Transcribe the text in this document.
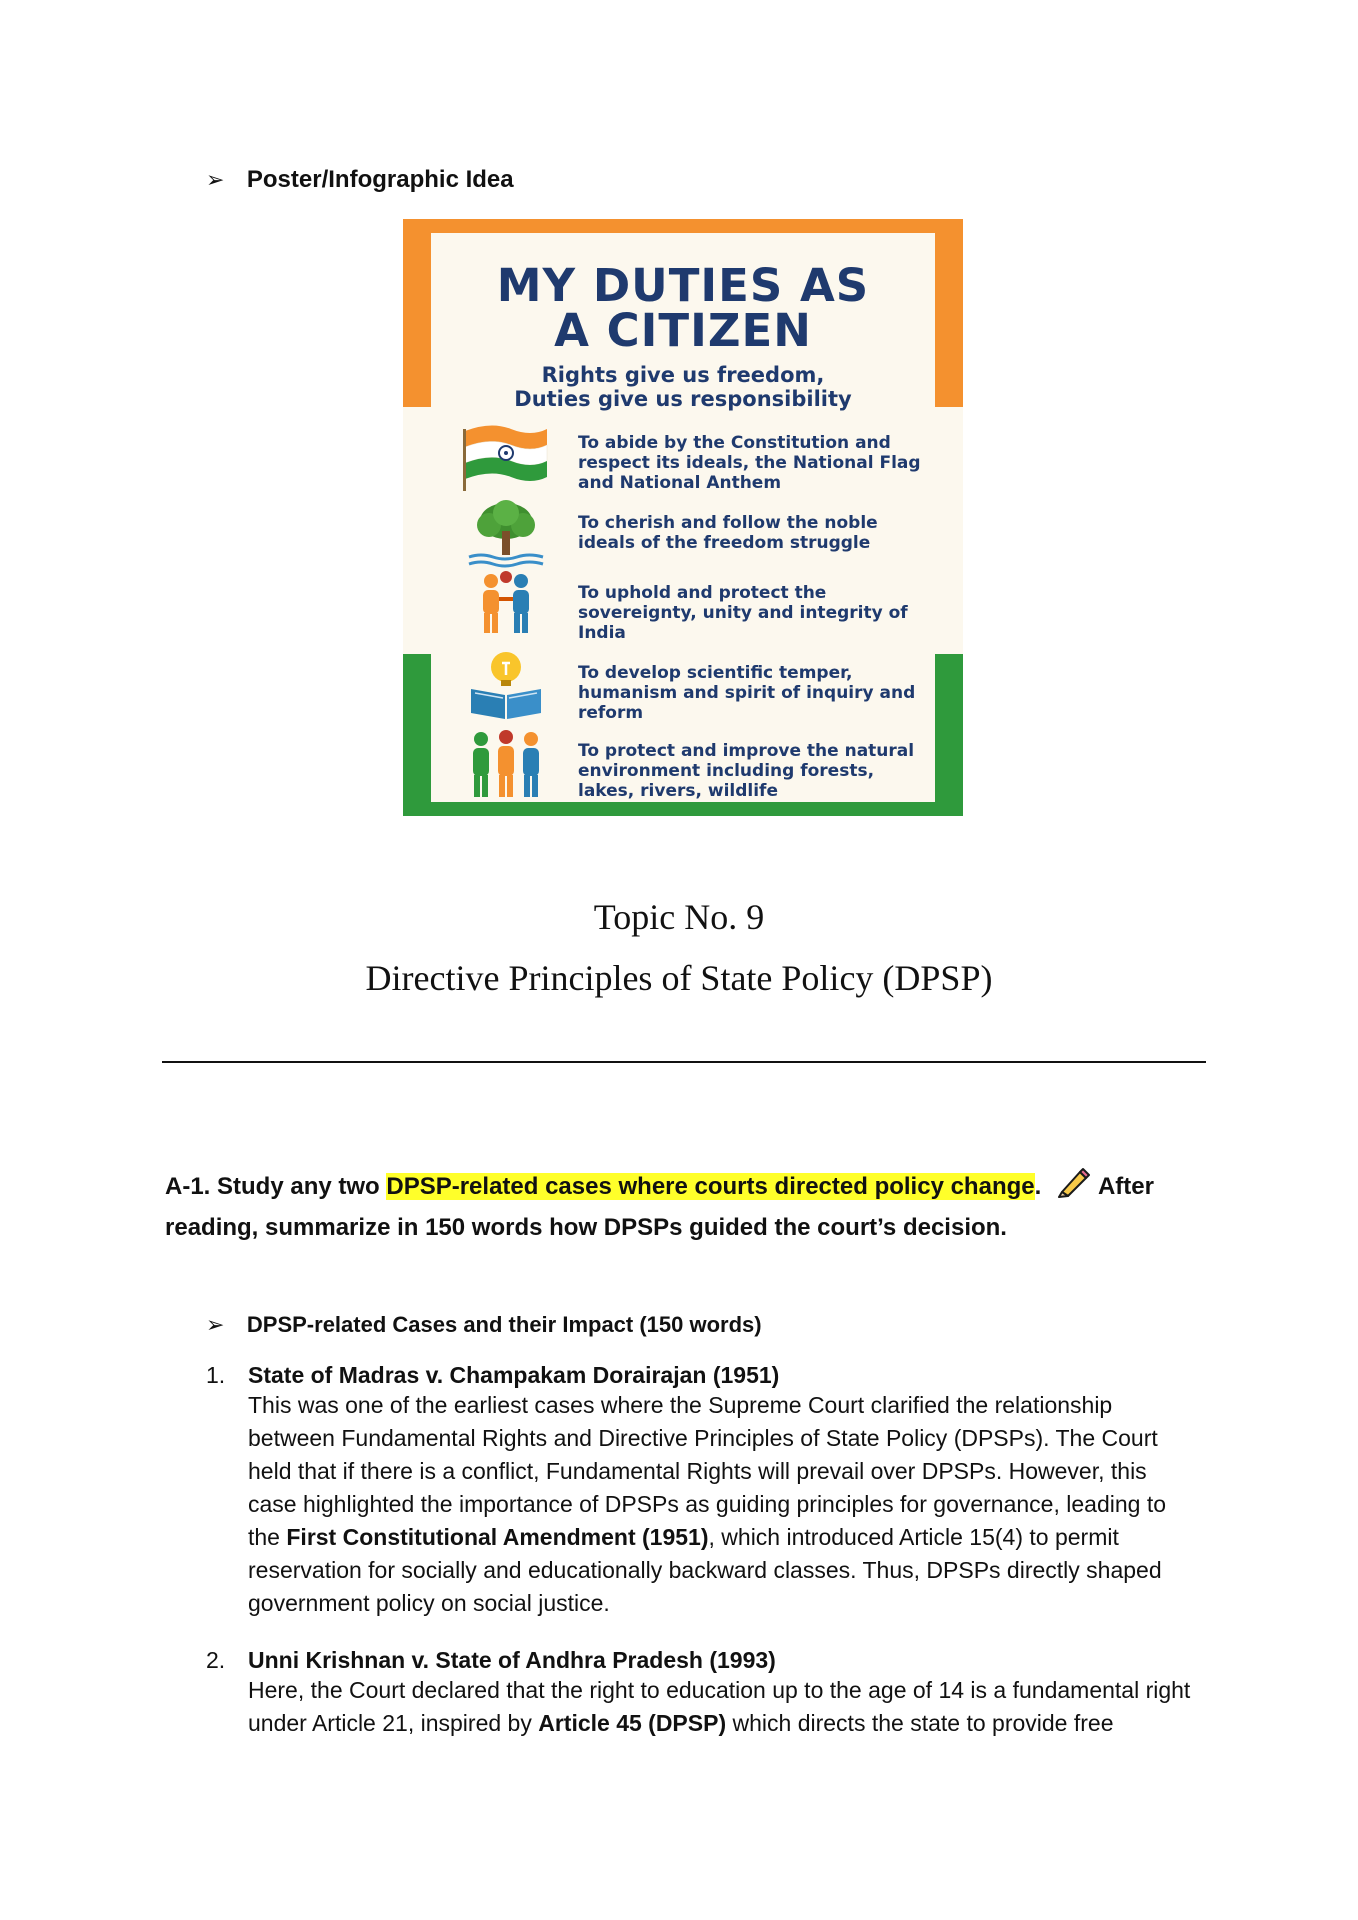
➢ Poster/Infographic Idea
MY DUTIES AS
A CITIZEN
Rights give us freedom,
Duties give us responsibility
To abide by the Constitution and respect its ideals, the National Flag and National Anthem
To cherish and follow the noble ideals of the freedom struggle
To uphold and protect the sovereignty, unity and integrity of India
To develop scientific temper, humanism and spirit of inquiry and reform
To protect and improve the natural environment including forests, lakes, rivers, wildlife
Topic No. 9
Directive Principles of State Policy (DPSP)
A-1. Study any two DPSP-related cases where courts directed policy change. After
reading, summarize in 150 words how DPSPs guided the court’s decision.
➢ DPSP-related Cases and their Impact (150 words)
1. State of Madras v. Champakam Dorairajan (1951)
This was one of the earliest cases where the Supreme Court clarified the relationship between Fundamental Rights and Directive Principles of State Policy (DPSPs). The Court held that if there is a conflict, Fundamental Rights will prevail over DPSPs. However, this case highlighted the importance of DPSPs as guiding principles for governance, leading to the First Constitutional Amendment (1951), which introduced Article 15(4) to permit reservation for socially and educationally backward classes. Thus, DPSPs directly shaped government policy on social justice.
2. Unni Krishnan v. State of Andhra Pradesh (1993)
Here, the Court declared that the right to education up to the age of 14 is a fundamental right under Article 21, inspired by Article 45 (DPSP) which directs the state to provide free
